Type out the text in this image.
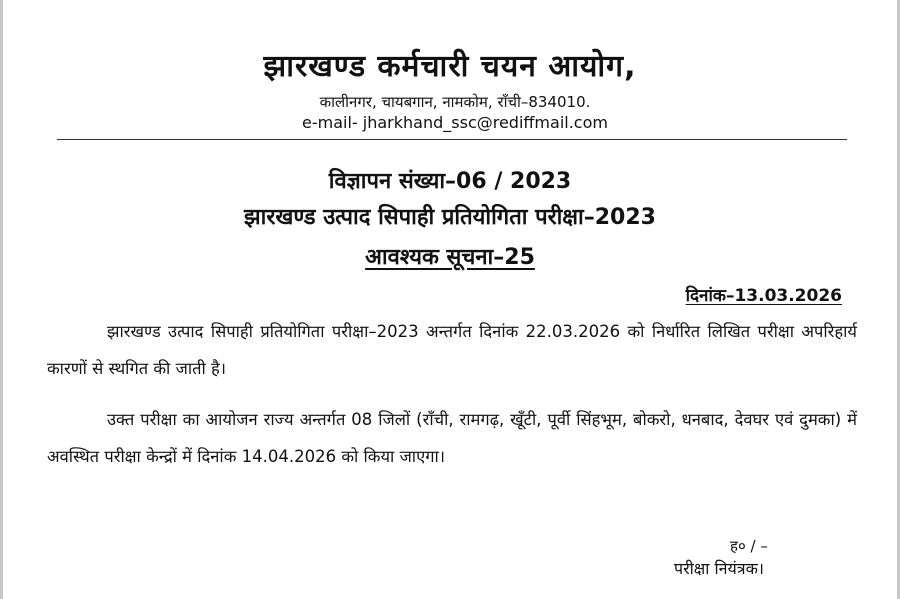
झारखण्ड कर्मचारी चयन आयोग,
कालीनगर, चायबगान, नामकोम, राँची–834010.
e-mail- jharkhand_ssc@rediffmail.com
विज्ञापन संख्या–06 / 2023
झारखण्ड उत्पाद सिपाही प्रतियोगिता परीक्षा–2023
आवश्यक सूचना–25
दिनांक–13.03.2026
झारखण्ड उत्पाद सिपाही प्रतियोगिता परीक्षा–2023 अन्तर्गत दिनांक 22.03.2026 को निर्धारित लिखित परीक्षा अपरिहार्य कारणों से स्थगित की जाती है।
उक्त परीक्षा का आयोजन राज्य अन्तर्गत 08 जिलों (राँची, रामगढ़, खूँटी, पूर्वी सिंहभूम, बोकरो, धनबाद, देवघर एवं दुमका) में अवस्थित परीक्षा केन्द्रों में दिनांक 14.04.2026 को किया जाएगा।
ह० / –
परीक्षा नियंत्रक।
